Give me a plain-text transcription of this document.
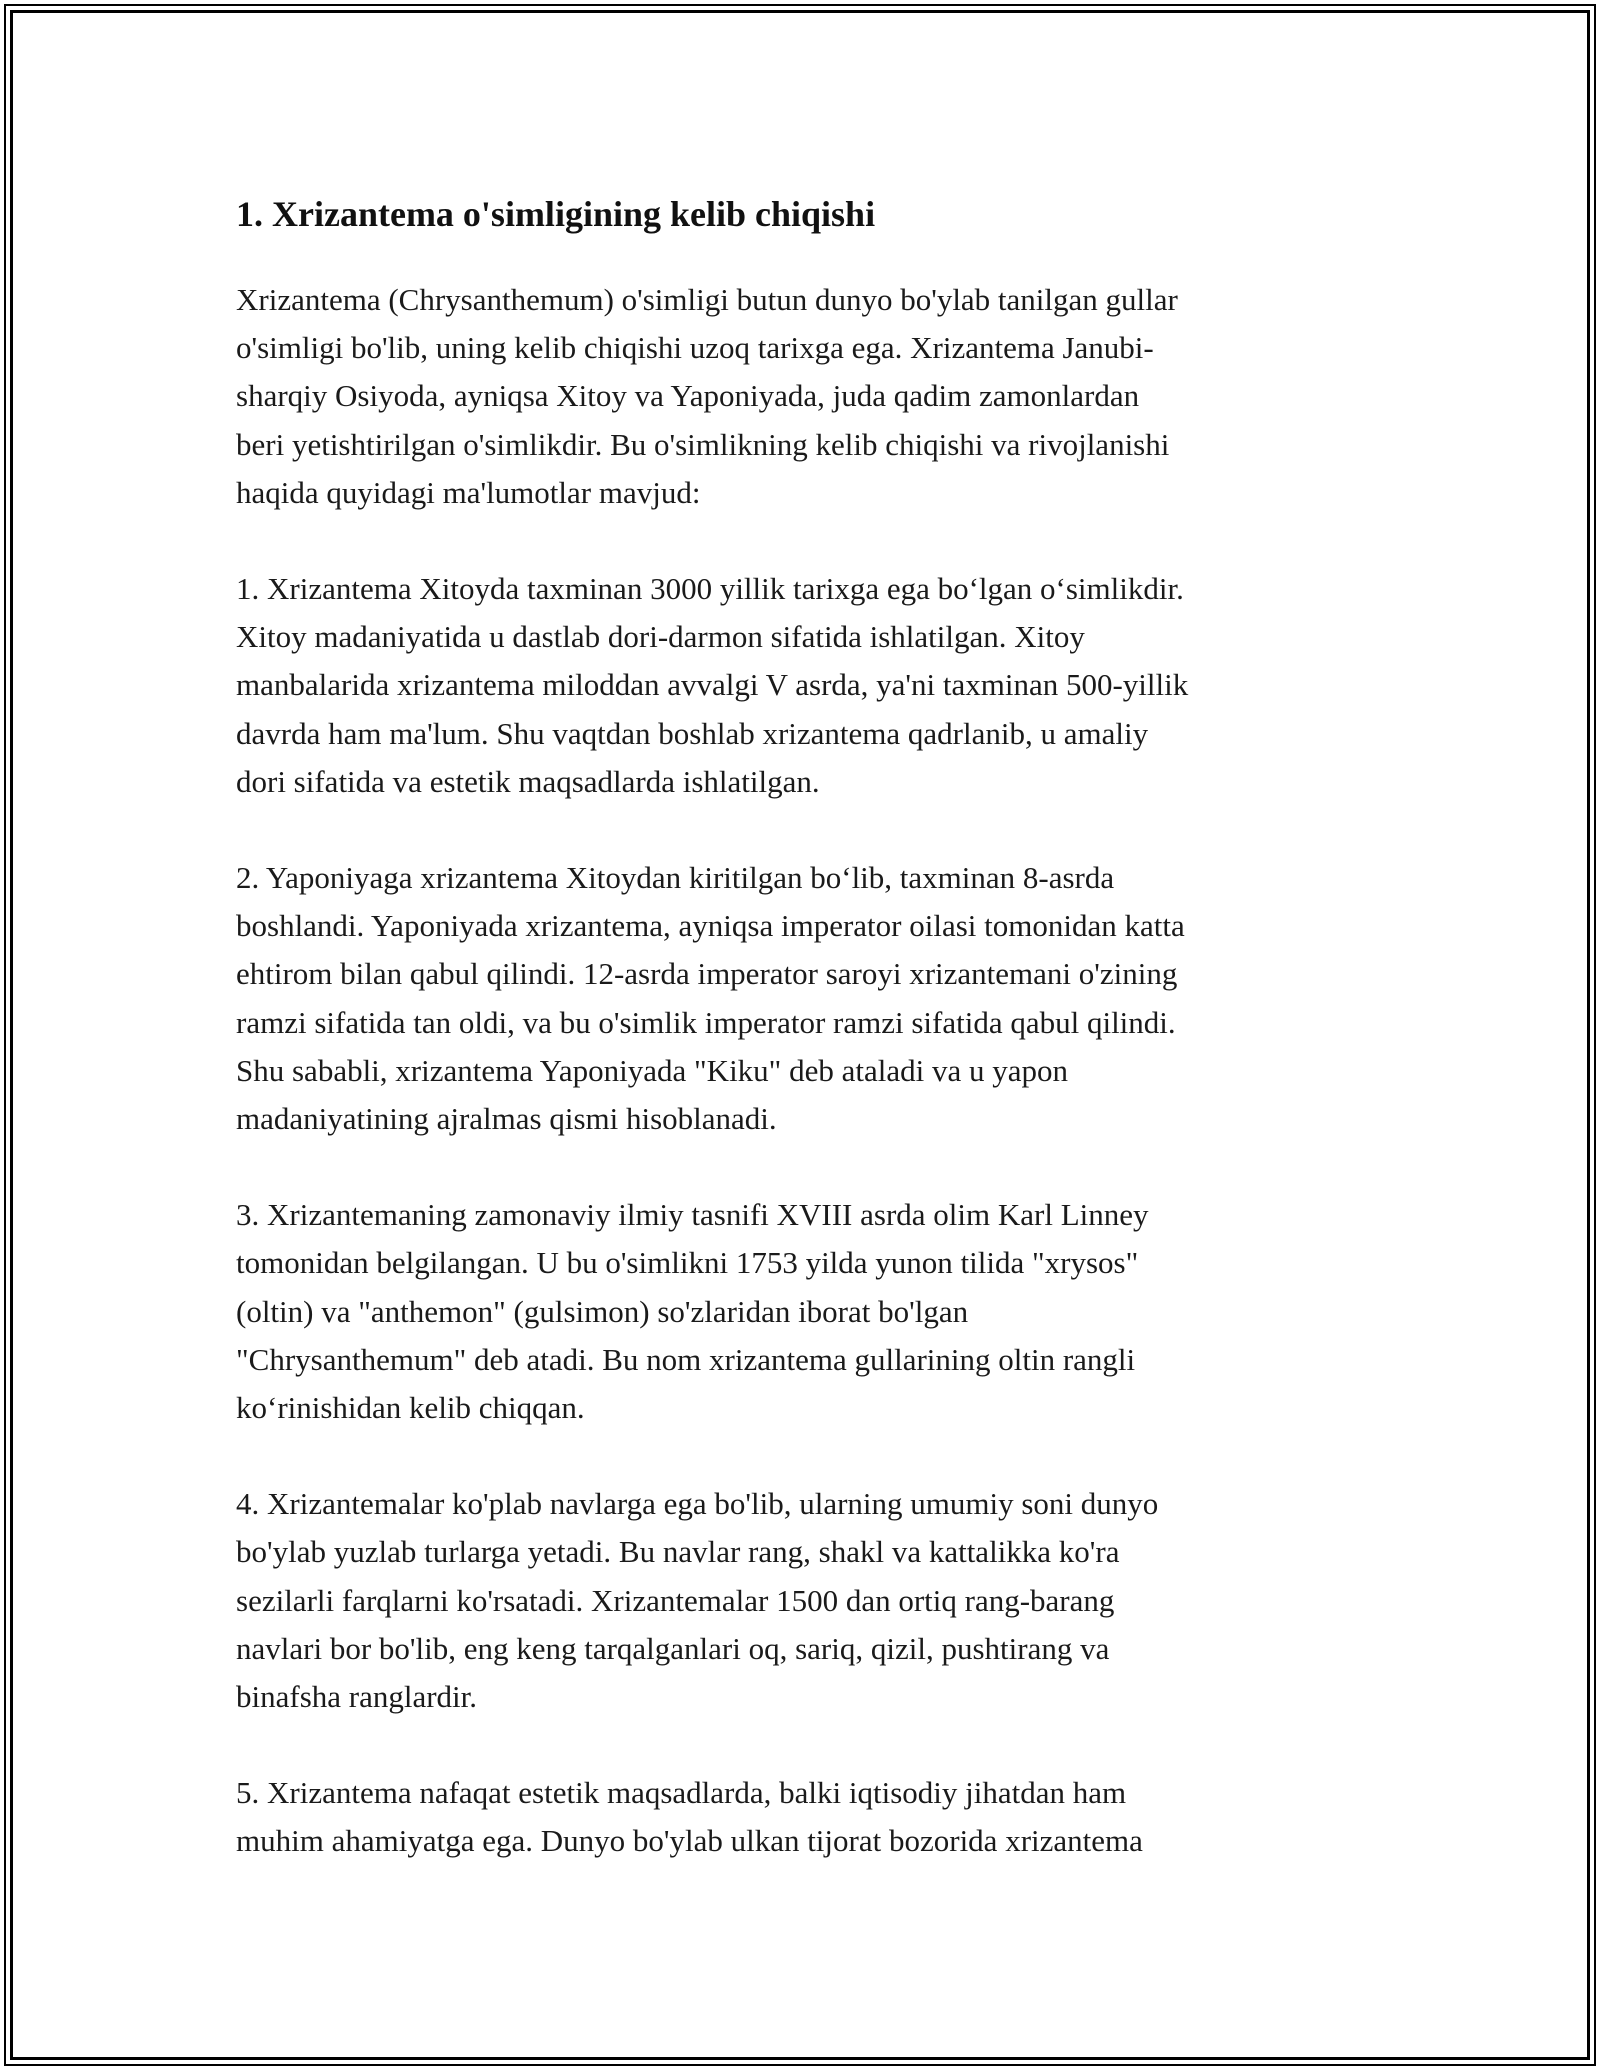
1. Xrizantema o'simligining kelib chiqishi
Xrizantema (Chrysanthemum) o'simligi butun dunyo bo'ylab tanilgan gullar
o'simligi bo'lib, uning kelib chiqishi uzoq tarixga ega. Xrizantema Janubi-
sharqiy Osiyoda, ayniqsa Xitoy va Yaponiyada, juda qadim zamonlardan
beri yetishtirilgan o'simlikdir. Bu o'simlikning kelib chiqishi va rivojlanishi
haqida quyidagi ma'lumotlar mavjud:
1. Xrizantema Xitoyda taxminan 3000 yillik tarixga ega bo‘lgan o‘simlikdir.
Xitoy madaniyatida u dastlab dori-darmon sifatida ishlatilgan. Xitoy
manbalarida xrizantema miloddan avvalgi V asrda, ya'ni taxminan 500-yillik
davrda ham ma'lum. Shu vaqtdan boshlab xrizantema qadrlanib, u amaliy
dori sifatida va estetik maqsadlarda ishlatilgan.
2. Yaponiyaga xrizantema Xitoydan kiritilgan bo‘lib, taxminan 8-asrda
boshlandi. Yaponiyada xrizantema, ayniqsa imperator oilasi tomonidan katta
ehtirom bilan qabul qilindi. 12-asrda imperator saroyi xrizantemani o'zining
ramzi sifatida tan oldi, va bu o'simlik imperator ramzi sifatida qabul qilindi.
Shu sababli, xrizantema Yaponiyada "Kiku" deb ataladi va u yapon
madaniyatining ajralmas qismi hisoblanadi.
3. Xrizantemaning zamonaviy ilmiy tasnifi XVIII asrda olim Karl Linney
tomonidan belgilangan. U bu o'simlikni 1753 yilda yunon tilida "xrysos"
(oltin) va "anthemon" (gulsimon) so'zlaridan iborat bo'lgan
"Chrysanthemum" deb atadi. Bu nom xrizantema gullarining oltin rangli
ko‘rinishidan kelib chiqqan.
4. Xrizantemalar ko'plab navlarga ega bo'lib, ularning umumiy soni dunyo
bo'ylab yuzlab turlarga yetadi. Bu navlar rang, shakl va kattalikka ko'ra
sezilarli farqlarni ko'rsatadi. Xrizantemalar 1500 dan ortiq rang-barang
navlari bor bo'lib, eng keng tarqalganlari oq, sariq, qizil, pushtirang va
binafsha ranglardir.
5. Xrizantema nafaqat estetik maqsadlarda, balki iqtisodiy jihatdan ham
muhim ahamiyatga ega. Dunyo bo'ylab ulkan tijorat bozorida xrizantema
